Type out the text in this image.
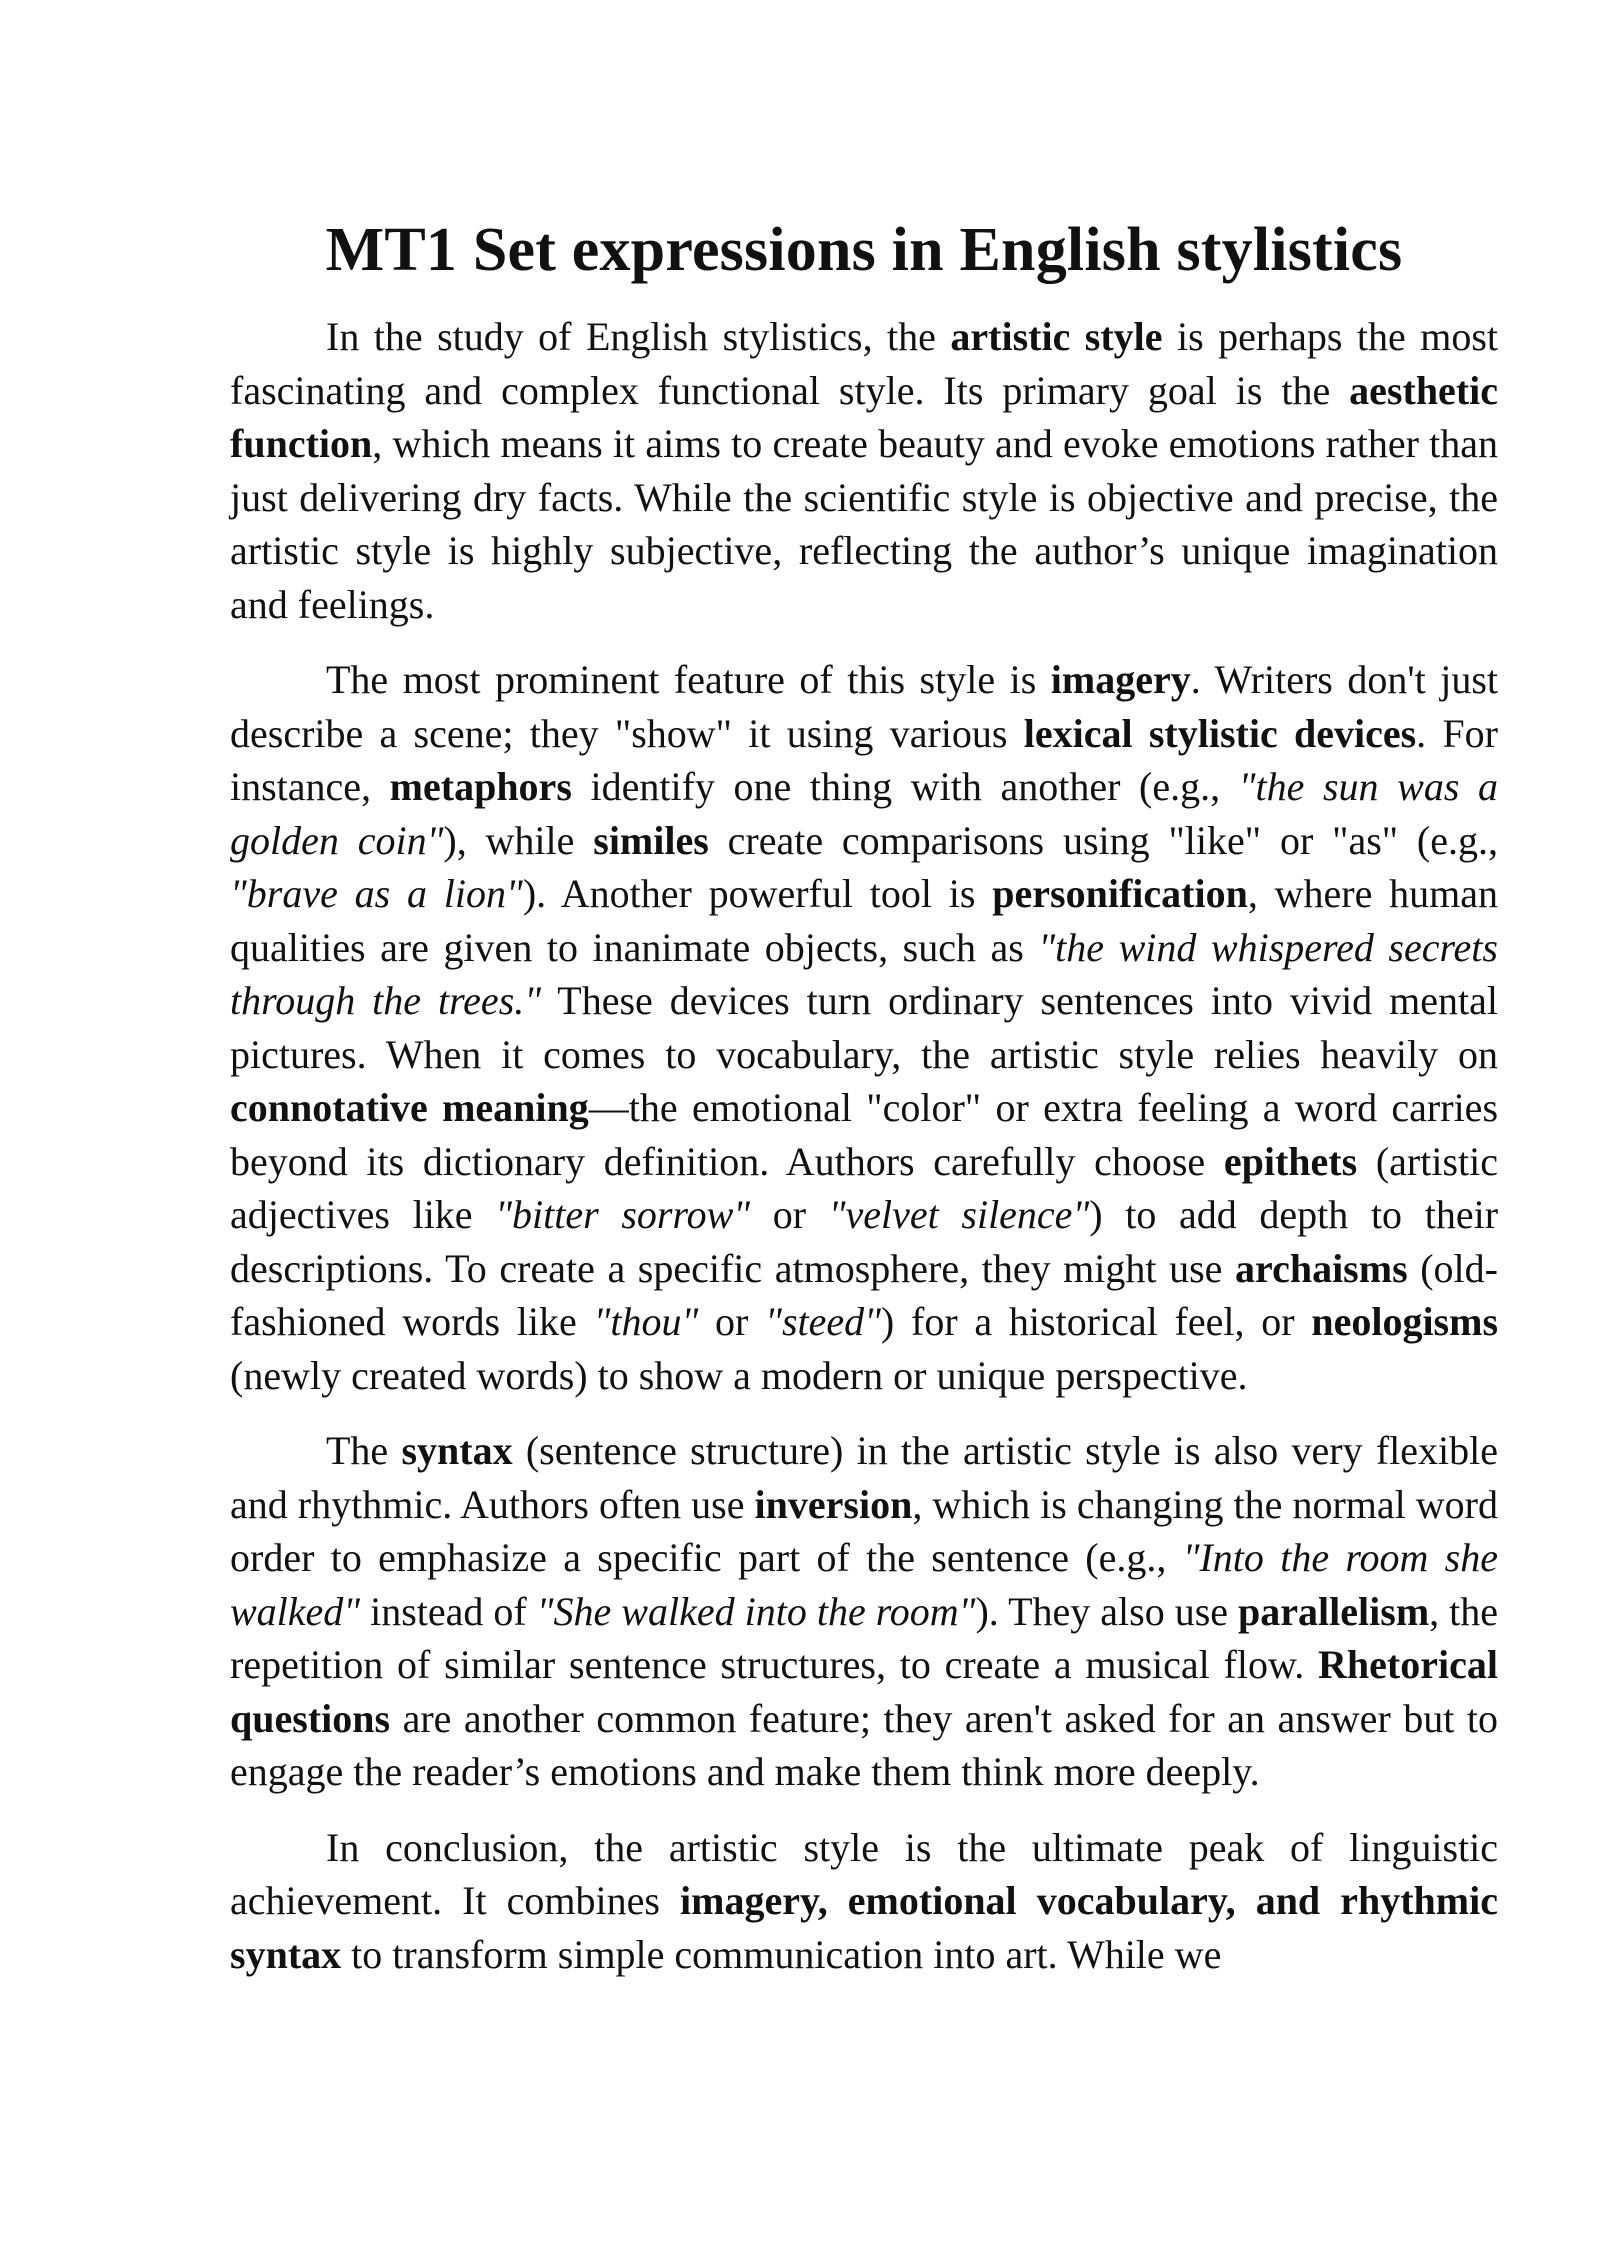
MT1 Set expressions in English stylistics

In the study of English stylistics, the artistic style is perhaps the most fascinating and complex functional style. Its primary goal is the aesthetic function, which means it aims to create beauty and evoke emotions rather than just delivering dry facts. While the scientific style is objective and precise, the artistic style is highly subjective, reflecting the author’s unique imagination and feelings.

The most prominent feature of this style is imagery. Writers don't just describe a scene; they "show" it using various lexical stylistic devices. For instance, metaphors identify one thing with another (e.g., "the sun was a golden coin"), while similes create comparisons using "like" or "as" (e.g., "brave as a lion"). Another powerful tool is personification, where human qualities are given to inanimate objects, such as "the wind whispered secrets through the trees." These devices turn ordinary sentences into vivid mental pictures. When it comes to vocabulary, the artistic style relies heavily on connotative meaning—the emotional "color" or extra feeling a word carries beyond its dictionary definition. Authors carefully choose epithets (artistic adjectives like "bitter sorrow" or "velvet silence") to add depth to their descriptions. To create a specific atmosphere, they might use archaisms (old-fashioned words like "thou" or "steed") for a historical feel, or neologisms (newly created words) to show a modern or unique perspective.

The syntax (sentence structure) in the artistic style is also very flexible and rhythmic. Authors often use inversion, which is changing the normal word order to emphasize a specific part of the sentence (e.g., "Into the room she walked" instead of "She walked into the room"). They also use parallelism, the repetition of similar sentence structures, to create a musical flow. Rhetorical questions are another common feature; they aren't asked for an answer but to engage the reader’s emotions and make them think more deeply.

In conclusion, the artistic style is the ultimate peak of linguistic achievement. It combines imagery, emotional vocabulary, and rhythmic syntax to transform simple communication into art. While we
